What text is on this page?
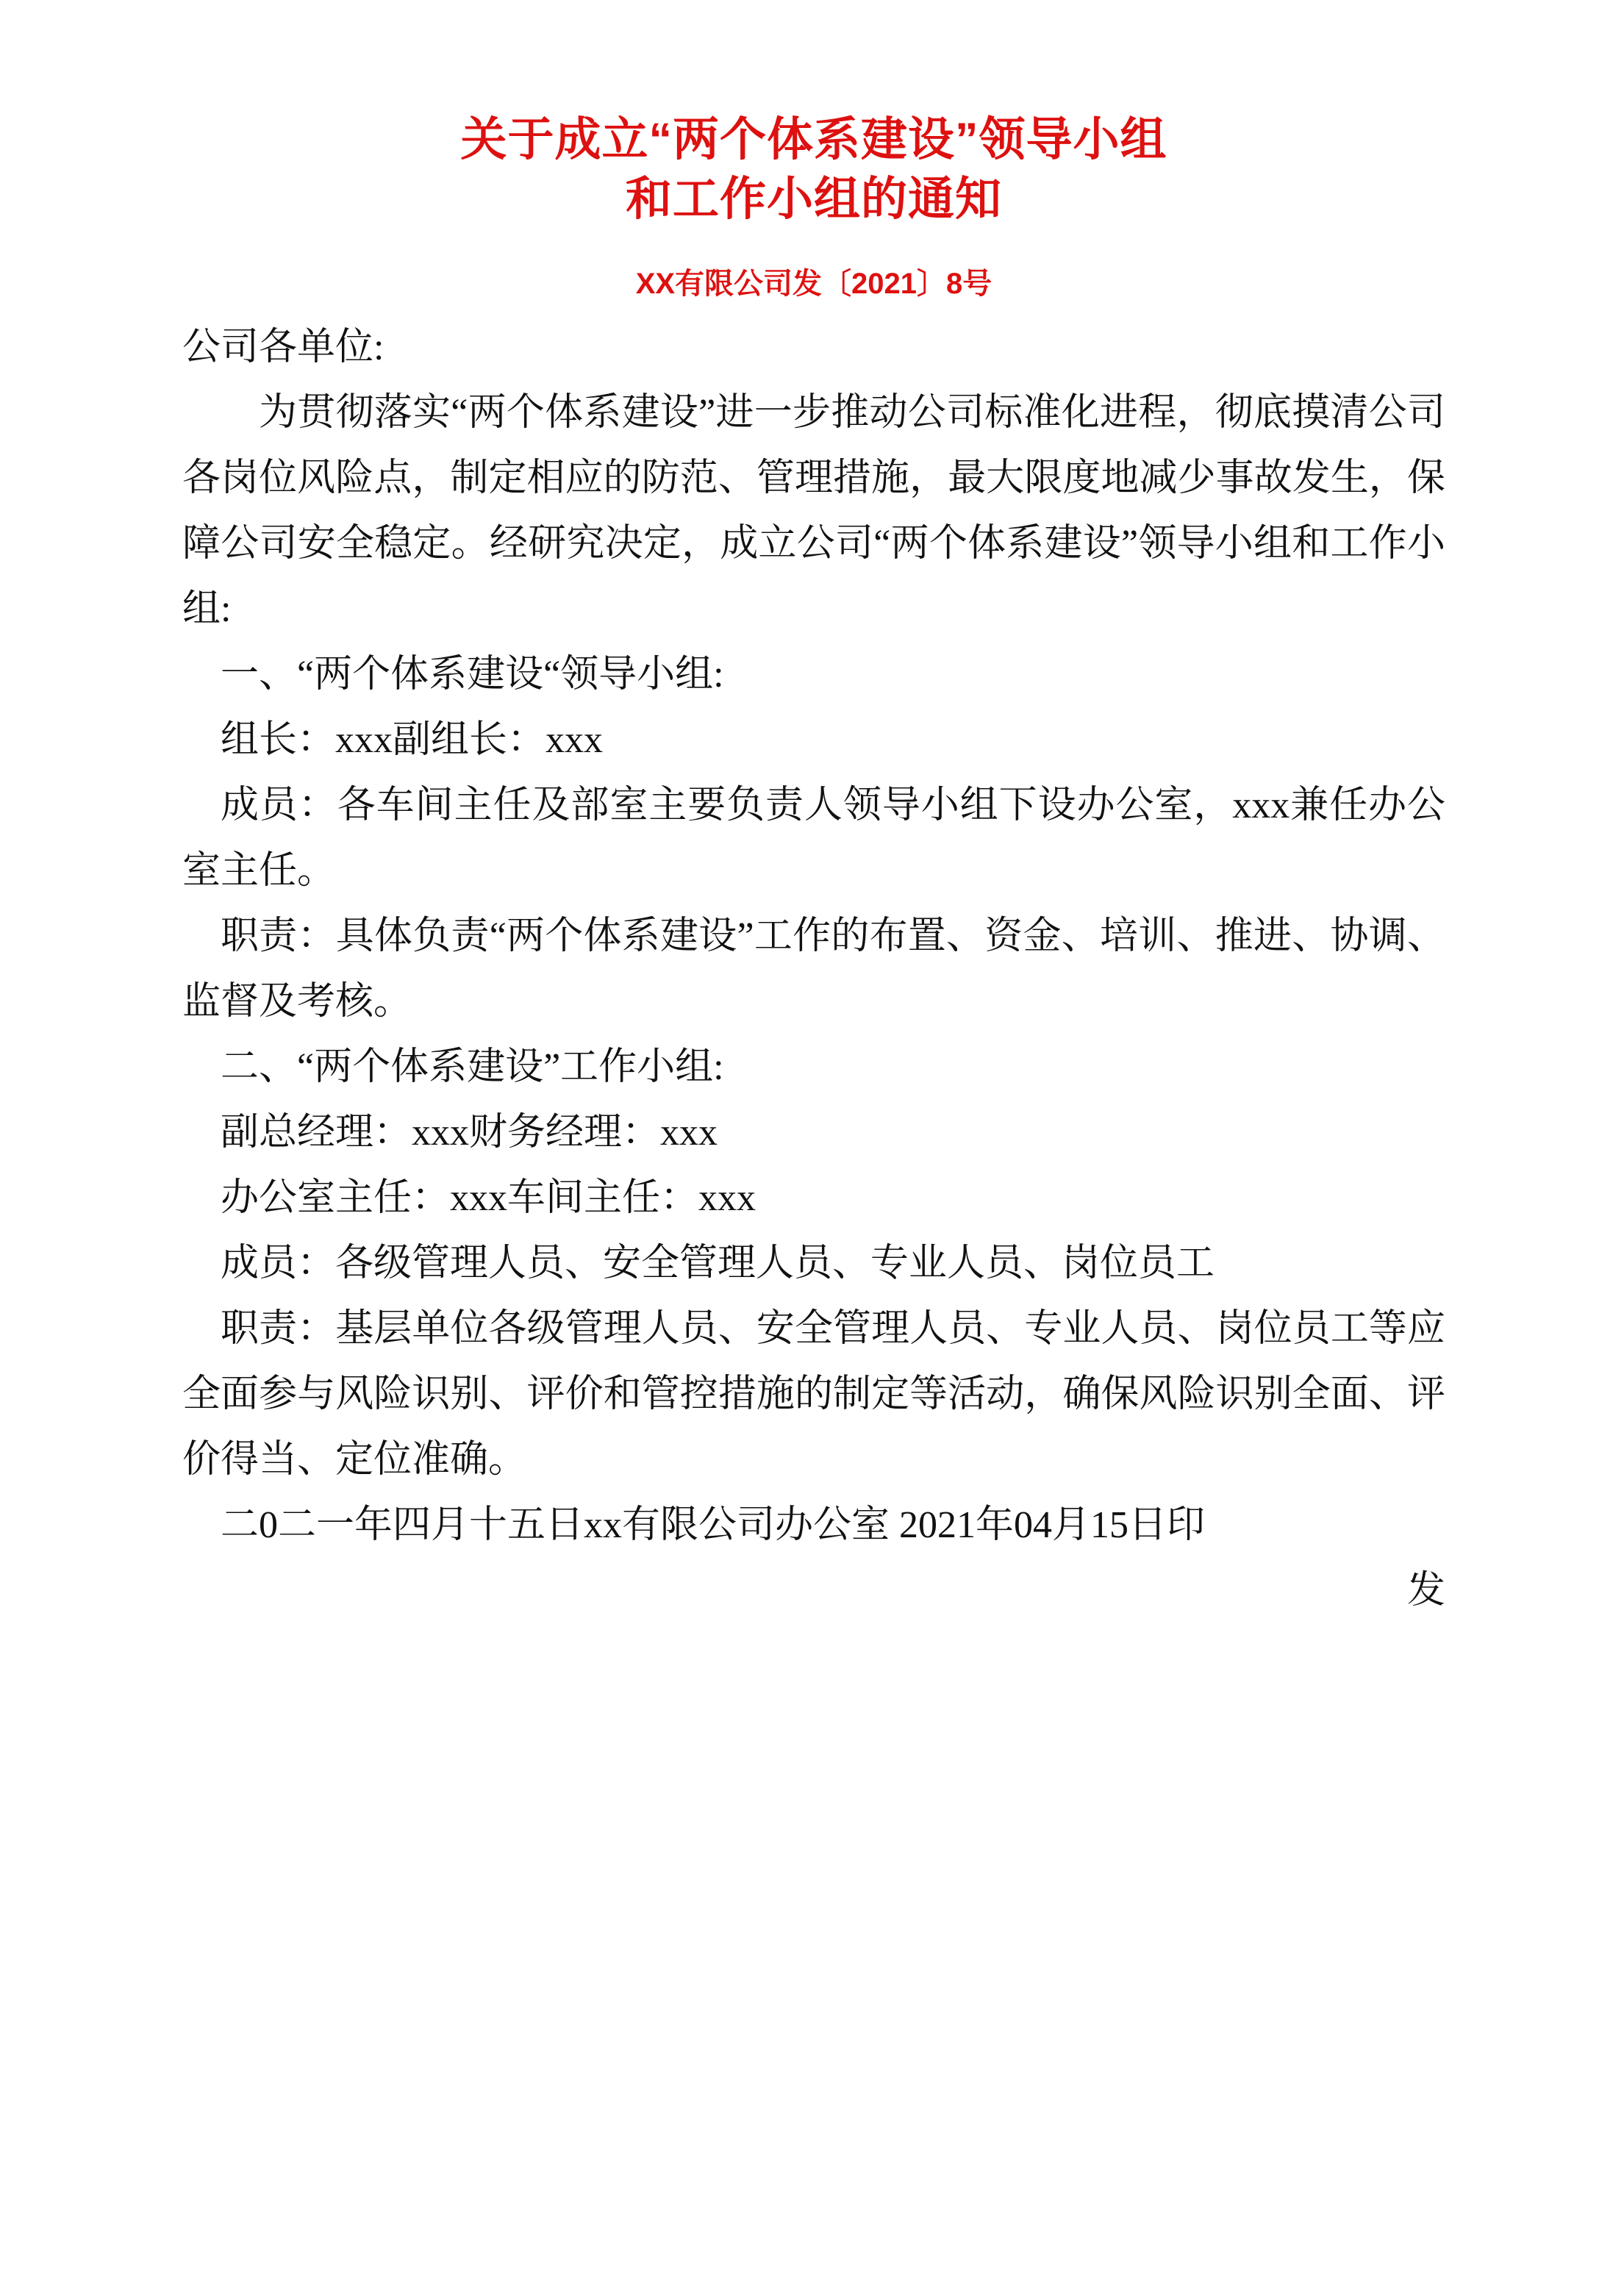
关于成立“两个体系建设”领导小组
和工作小组的通知
XX有限公司发〔2021〕8号

公司各单位:

为贯彻落实“两个体系建设”进一步推动公司标准化进程，彻底摸清公司各岗位风险点，制定相应的防范、管理措施，最大限度地减少事故发生，保障公司安全稳定。经研究决定，成立公司“两个体系建设”领导小组和工作小组:

一、“两个体系建设“领导小组:

组长：xxx副组长：xxx

成员：各车间主任及部室主要负责人领导小组下设办公室，xxx兼任办公室主任。

职责：具体负责“两个体系建设”工作的布置、资金、培训、推进、协调、监督及考核。

二、“两个体系建设”工作小组:

副总经理：xxx财务经理：xxx

办公室主任：xxx车间主任：xxx

成员：各级管理人员、安全管理人员、专业人员、岗位员工

职责：基层单位各级管理人员、安全管理人员、专业人员、岗位员工等应全面参与风险识别、评价和管控措施的制定等活动，确保风险识别全面、评价得当、定位准确。

二0二一年四月十五日xx有限公司办公室 2021年04月15日印
发
